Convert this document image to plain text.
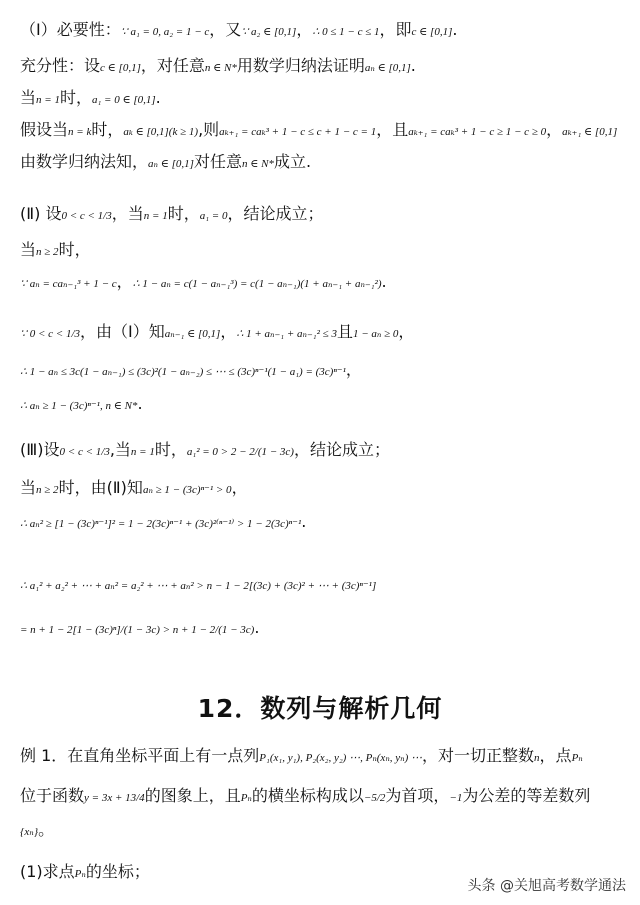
（Ⅰ）必要性：∵ a₁ = 0, a₂ = 1 − c，又∵ a₂ ∈ [0,1]，∴ 0 ≤ 1 − c ≤ 1，即c ∈ [0,1].
充分性：设c ∈ [0,1]，对任意n ∈ N*用数学归纳法证明aₙ ∈ [0,1].
当n = 1时，a₁ = 0 ∈ [0,1].
假设当n = k时，aₖ ∈ [0,1](k ≥ 1),则aₖ₊₁ = caₖ³ + 1 − c ≤ c + 1 − c = 1，且aₖ₊₁ = caₖ³ + 1 − c ≥ 1 − c ≥ 0，aₖ₊₁ ∈ [0,1]
由数学归纳法知，aₙ ∈ [0,1]对任意n ∈ N*成立.
(Ⅱ) 设0 < c < 1/3，当n = 1时，a₁ = 0，结论成立；
当n ≥ 2时，
∵ aₙ = caₙ₋₁³ + 1 − c，∴ 1 − aₙ = c(1 − aₙ₋₁³) = c(1 − aₙ₋₁)(1 + aₙ₋₁ + aₙ₋₁²).
∵ 0 < c < 1/3，由（Ⅰ）知aₙ₋₁ ∈ [0,1]，∴ 1 + aₙ₋₁ + aₙ₋₁² ≤ 3且1 − aₙ ≥ 0，
∴ 1 − aₙ ≤ 3c(1 − aₙ₋₁) ≤ (3c)²(1 − aₙ₋₂) ≤ ⋯ ≤ (3c)ⁿ⁻¹(1 − a₁) = (3c)ⁿ⁻¹，
∴ aₙ ≥ 1 − (3c)ⁿ⁻¹, n ∈ N*.
(Ⅲ)设0 < c < 1/3,当n = 1时，a₁² = 0 > 2 − 2/(1 − 3c)，结论成立；
当n ≥ 2时，由(Ⅱ)知aₙ ≥ 1 − (3c)ⁿ⁻¹ > 0，
∴ aₙ² ≥ [1 − (3c)ⁿ⁻¹]² = 1 − 2(3c)ⁿ⁻¹ + (3c)²⁽ⁿ⁻¹⁾ > 1 − 2(3c)ⁿ⁻¹.
∴ a₁² + a₂² + ⋯ + aₙ² = a₂² + ⋯ + aₙ² > n − 1 − 2[(3c) + (3c)² + ⋯ + (3c)ⁿ⁻¹]
= n + 1 − 2[1 − (3c)ⁿ]/(1 − 3c) > n + 1 − 2/(1 − 3c).
12．数列与解析几何
例 1．在直角坐标平面上有一点列P₁(x₁, y₁), P₂(x₂, y₂) ⋯, Pₙ(xₙ, yₙ) ⋯，对一切正整数n，点Pₙ
位于函数y = 3x + 13/4的图象上，且Pₙ的横坐标构成以−5/2为首项，−1为公差的等差数列
{xₙ}。
(1)求点Pₙ的坐标；
头条 @关旭高考数学通法
